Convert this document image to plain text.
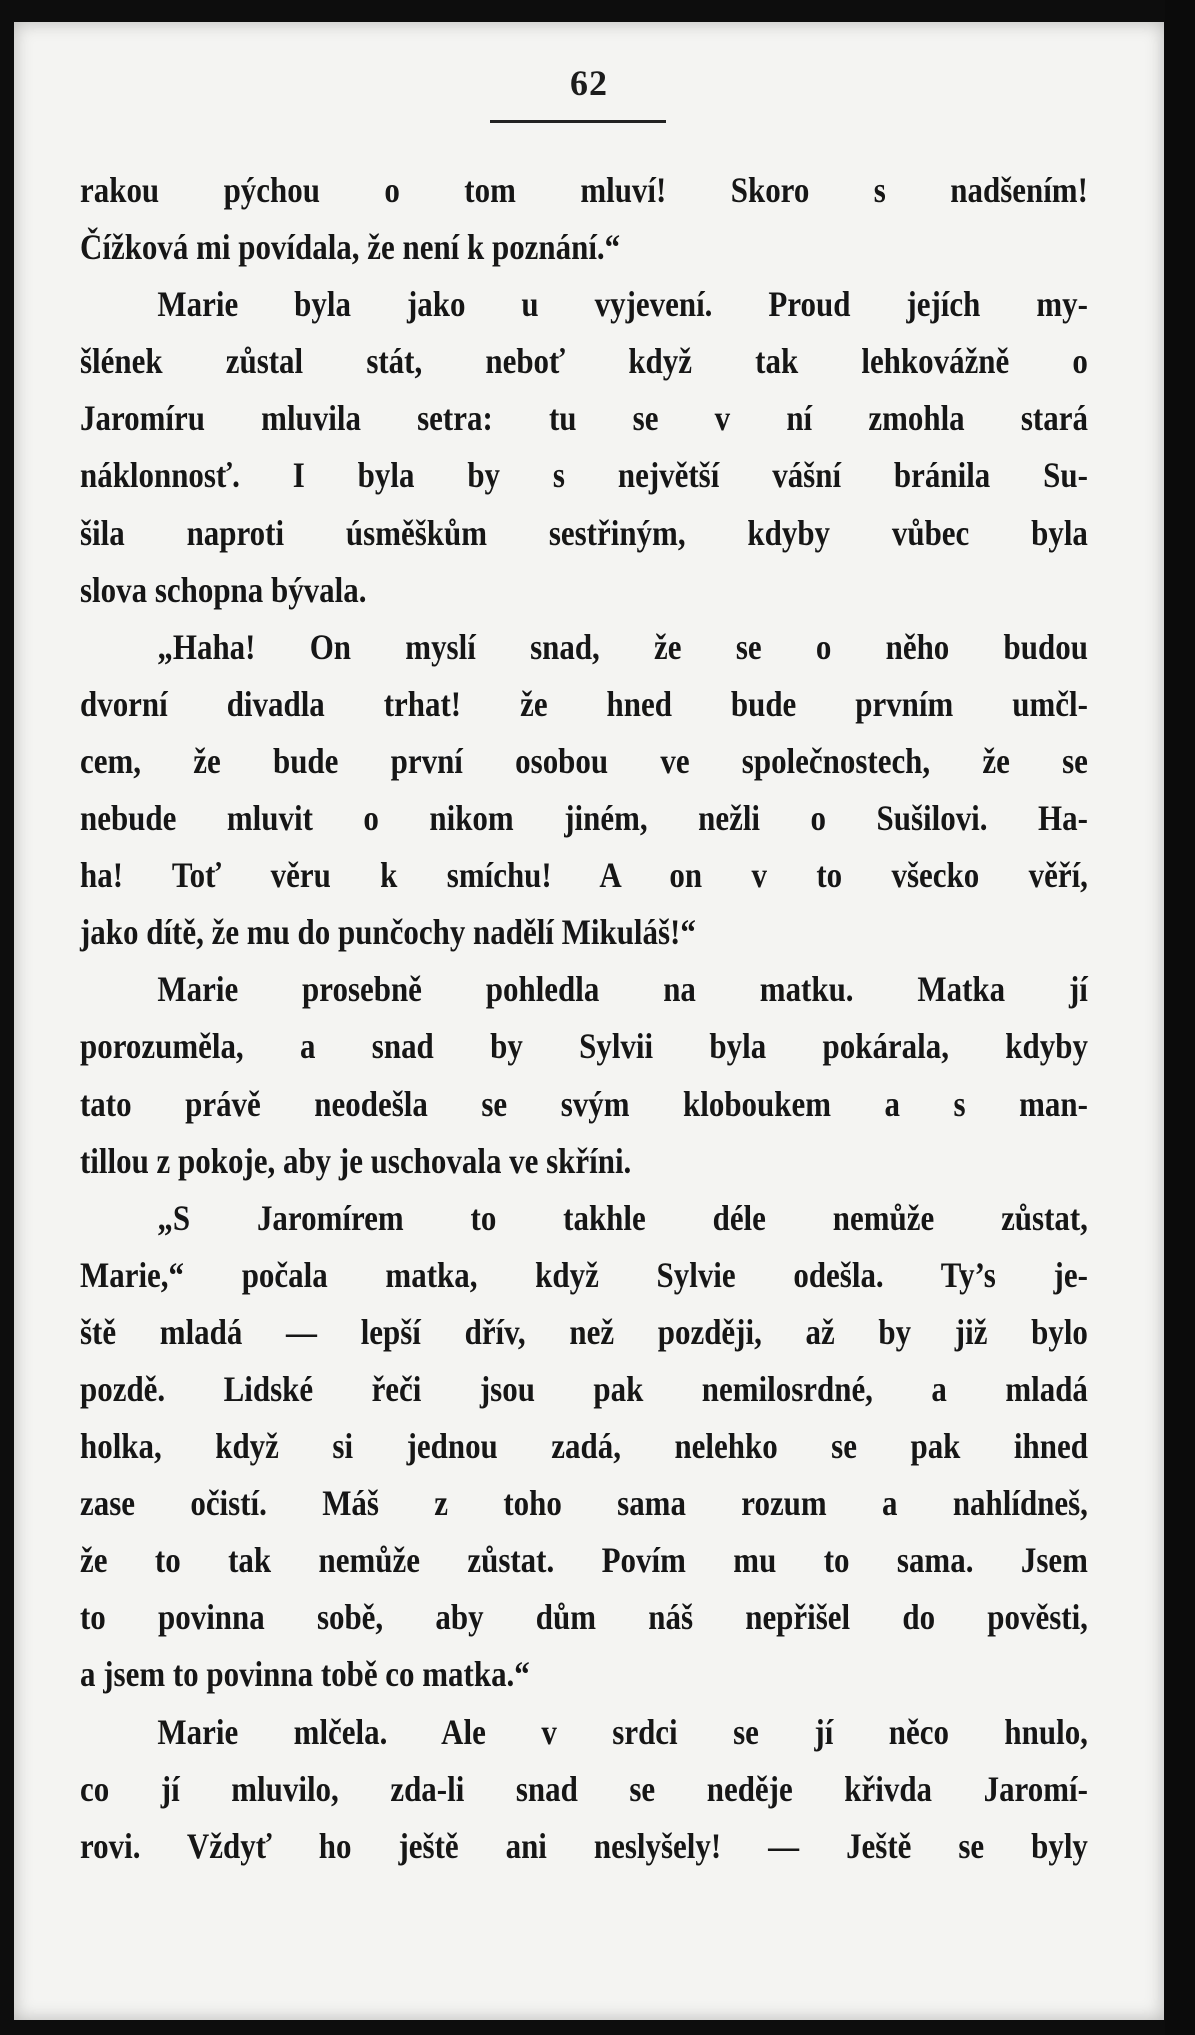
62
rakou pýchou o tom mluví! Skoro s nadšením!
Čížková mi povídala, že není k poznání.“
Marie byla jako u vyjevení. Proud jejích my-
šlének zůstal stát, neboť když tak lehkovážně o
Jaromíru mluvila setra: tu se v ní zmohla stará
náklonnosť. I byla by s největší vášní bránila Su-
šila naproti úsměškům sestřiným, kdyby vůbec byla
slova schopna bývala.
„Haha! On myslí snad, že se o něho budou
dvorní divadla trhat! že hned bude prvním umčl-
cem, že bude první osobou ve společnostech, že se
nebude mluvit o nikom jiném, nežli o Sušilovi. Ha-
ha! Toť věru k smíchu! A on v to všecko věří,
jako dítě, že mu do punčochy nadělí Mikuláš!“
Marie prosebně pohledla na matku. Matka jí
porozuměla, a snad by Sylvii byla pokárala, kdyby
tato právě neodešla se svým kloboukem a s man-
tillou z pokoje, aby je uschovala ve skříni.
„S Jaromírem to takhle déle nemůže zůstat,
Marie,“ počala matka, když Sylvie odešla. Ty’s je-
ště mladá — lepší dřív, než později, až by již bylo
pozdě. Lidské řeči jsou pak nemilosrdné, a mladá
holka, když si jednou zadá, nelehko se pak ihned
zase očistí. Máš z toho sama rozum a nahlídneš,
že to tak nemůže zůstat. Povím mu to sama. Jsem
to povinna sobě, aby dům náš nepřišel do pověsti,
a jsem to povinna tobě co matka.“
Marie mlčela. Ale v srdci se jí něco hnulo,
co jí mluvilo, zda-li snad se neděje křivda Jaromí-
rovi. Vždyť ho ještě ani neslyšely! — Ještě se byly
